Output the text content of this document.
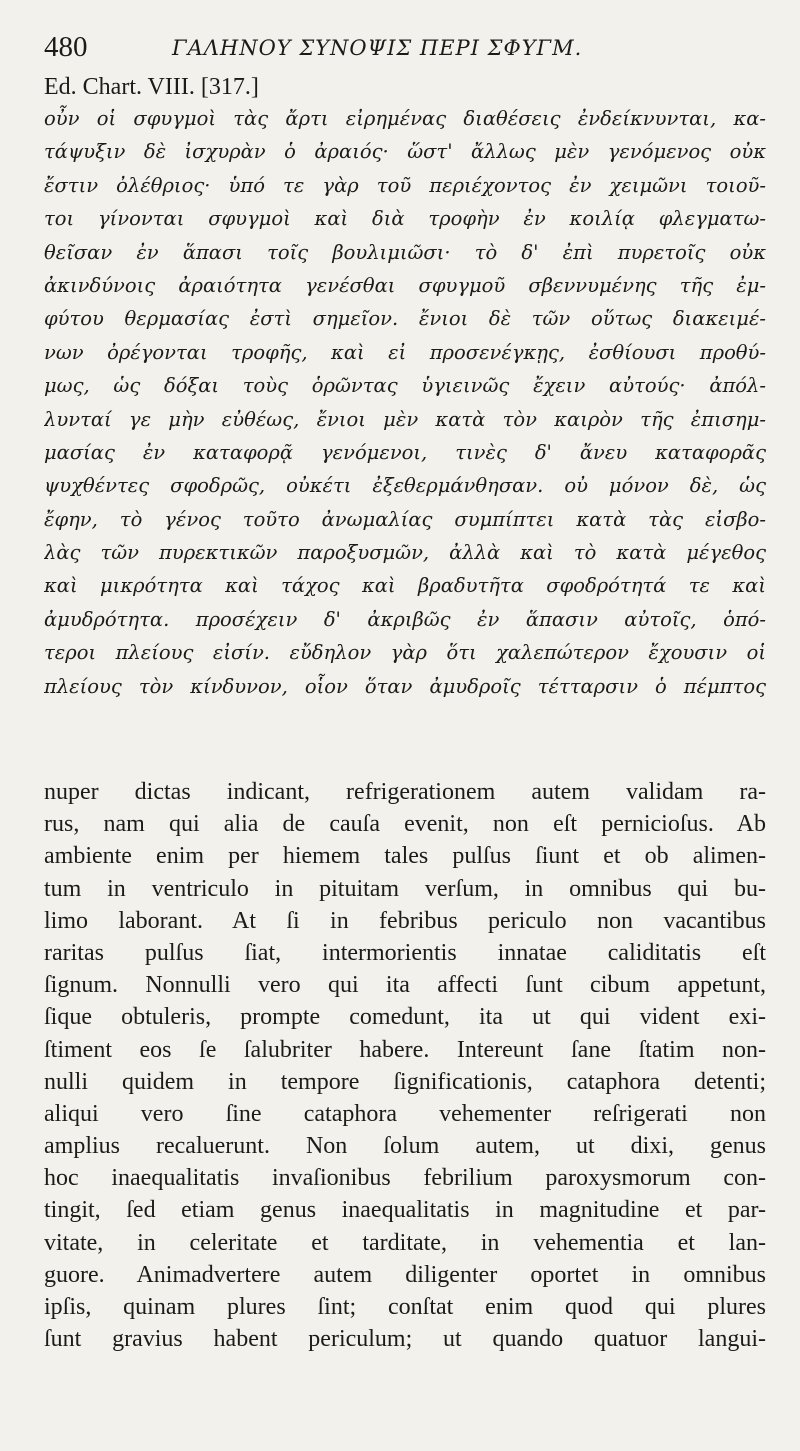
480	ΓΑΛΗΝΟΥ ΣΥΝΟΨΙΣ ΠΕΡΙ ΣΦΥΓΜ.
Ed. Chart. VIII. [317.]
οὖν οἱ σφυγμοὶ τὰς ἄρτι εἰρημένας διαθέσεις ἐνδείκνυνται, κα-
τάψυξιν δὲ ἰσχυρὰν ὁ ἀραιός· ὥστ' ἄλλως μὲν γενόμενος οὐκ
ἔστιν ὀλέθριος· ὑπό τε γὰρ τοῦ περιέχοντος ἐν χειμῶνι τοιοῦ-
τοι γίνονται σφυγμοὶ καὶ διὰ τροφὴν ἐν κοιλίᾳ φλεγματω-
θεῖσαν ἐν ἅπασι τοῖς βουλιμιῶσι· τὸ δ' ἐπὶ πυρετοῖς οὐκ
ἀκινδύνοις ἀραιότητα γενέσθαι σφυγμοῦ σβεννυμένης τῆς ἐμ-
φύτου θερμασίας ἐστὶ σημεῖον. ἔνιοι δὲ τῶν οὕτως διακειμέ-
νων ὀρέγονται τροφῆς, καὶ εἰ προσενέγκῃς, ἐσθίουσι προθύ-
μως, ὡς δόξαι τοὺς ὁρῶντας ὑγιεινῶς ἔχειν αὐτούς· ἀπόλ-
λυνταί γε μὴν εὐθέως, ἔνιοι μὲν κατὰ τὸν καιρὸν τῆς ἐπισημ-
μασίας ἐν καταφορᾷ γενόμενοι, τινὲς δ' ἄνευ καταφορᾶς
ψυχθέντες σφοδρῶς, οὐκέτι ἐξεθερμάνθησαν. οὐ μόνον δὲ, ὡς
ἔφην, τὸ γένος τοῦτο ἀνωμαλίας συμπίπτει κατὰ τὰς εἰσβο-
λὰς τῶν πυρεκτικῶν παροξυσμῶν, ἀλλὰ καὶ τὸ κατὰ μέγεθος
καὶ μικρότητα καὶ τάχος καὶ βραδυτῆτα σφοδρότητά τε καὶ
ἀμυδρότητα. προσέχειν δ' ἀκριβῶς ἐν ἅπασιν αὐτοῖς, ὁπό-
τεροι πλείους εἰσίν. εὔδηλον γὰρ ὅτι χαλεπώτερον ἔχουσιν οἱ
πλείους τὸν κίνδυνον, οἷον ὅταν ἀμυδροῖς τέτταρσιν ὁ πέμπτος
nuper dictas indicant, refrigerationem autem validam ra-
rus, nam qui alia de cauſa evenit, non eſt pernicioſus. Ab
ambiente enim per hiemem tales pulſus ſiunt et ob alimen-
tum in ventriculo in pituitam verſum, in omnibus qui bu-
limo laborant. At ſi in febribus periculo non vacantibus
raritas pulſus ſiat, intermorientis innatae caliditatis eſt
ſignum. Nonnulli vero qui ita affecti ſunt cibum appetunt,
ſique obtuleris, prompte comedunt, ita ut qui vident exi-
ſtiment eos ſe ſalubriter habere. Intereunt ſane ſtatim non-
nulli quidem in tempore ſignificationis, cataphora detenti;
aliqui vero ſine cataphora vehementer reſrigerati non
amplius recaluerunt. Non ſolum autem, ut dixi, genus
hoc inaequalitatis invaſionibus febrilium paroxysmorum con-
tingit, ſed etiam genus inaequalitatis in magnitudine et par-
vitate, in celeritate et tarditate, in vehementia et lan-
guore. Animadvertere autem diligenter oportet in omnibus
ipſis, quinam plures ſint; conſtat enim quod qui plures
ſunt gravius habent periculum; ut quando quatuor langui-
